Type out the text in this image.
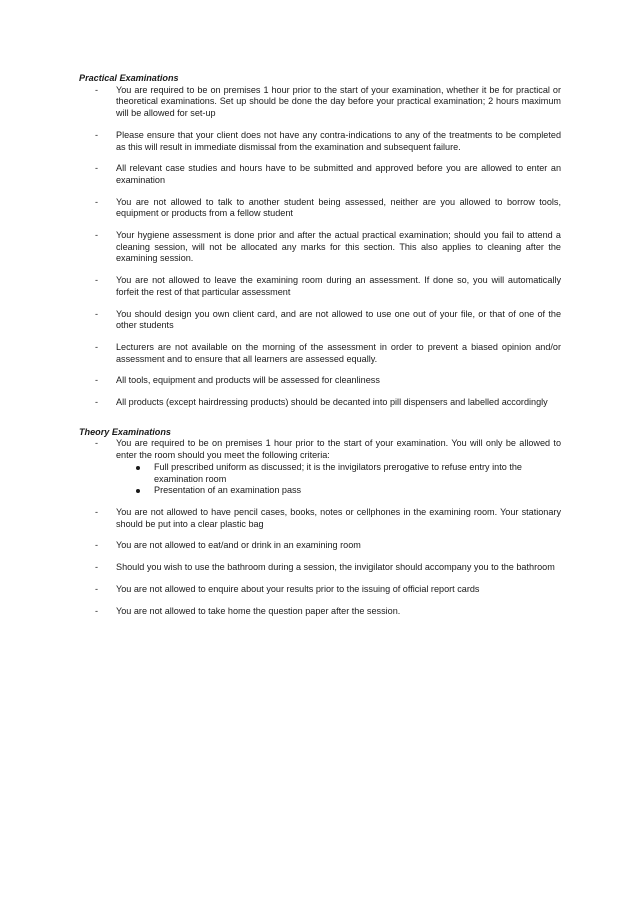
Practical Examinations

- You are required to be on premises 1 hour prior to the start of your examination, whether it be for practical or theoretical examinations. Set up should be done the day before your practical examination; 2 hours maximum will be allowed for set-up
- Please ensure that your client does not have any contra-indications to any of the treatments to be completed as this will result in immediate dismissal from the examination and subsequent failure.
- All relevant case studies and hours have to be submitted and approved before you are allowed to enter an examination
- You are not allowed to talk to another student being assessed, neither are you allowed to borrow tools, equipment or products from a fellow student
- Your hygiene assessment is done prior and after the actual practical examination; should you fail to attend a cleaning session, will not be allocated any marks for this section. This also applies to cleaning after the examining session.
- You are not allowed to leave the examining room during an assessment. If done so, you will automatically forfeit the rest of that particular assessment
- You should design you own client card, and are not allowed to use one out of your file, or that of one of the other students
- Lecturers are not available on the morning of the assessment in order to prevent a biased opinion and/or assessment and to ensure that all learners are assessed equally.
- All tools, equipment and products will be assessed for cleanliness
- All products (except hairdressing products) should be decanted into pill dispensers and labelled accordingly

Theory Examinations

- You are required to be on premises 1 hour prior to the start of your examination. You will only be allowed to enter the room should you meet the following criteria:
Full prescribed uniform as discussed; it is the invigilators prerogative to refuse entry into the examination room
Presentation of an examination pass
- You are not allowed to have pencil cases, books, notes or cellphones in the examining room. Your stationary should be put into a clear plastic bag
- You are not allowed to eat/and or drink in an examining room
- Should you wish to use the bathroom during a session, the invigilator should accompany you to the bathroom
- You are not allowed to enquire about your results prior to the issuing of official report cards
- You are not allowed to take home the question paper after the session.
